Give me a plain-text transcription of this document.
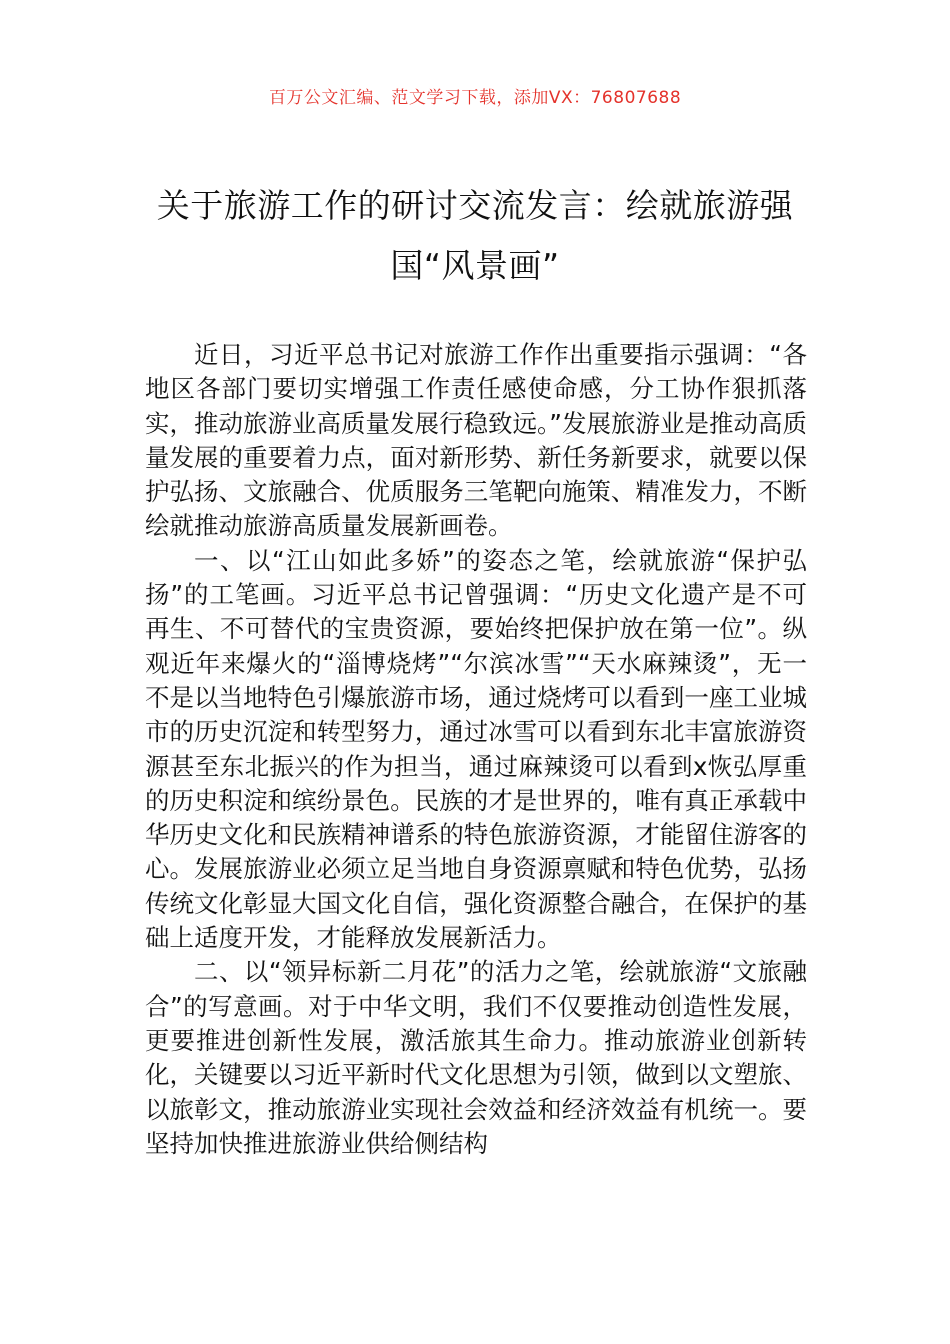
百万公文汇编、范文学习下载，添加VX：76807688
关于旅游工作的研讨交流发言：绘就旅游强国“风景画”

近日，习近平总书记对旅游工作作出重要指示强调：“各地区各部门要切实增强工作责任感使命感，分工协作狠抓落实，推动旅游业高质量发展行稳致远。”发展旅游业是推动高质量发展的重要着力点，面对新形势、新任务新要求，就要以保护弘扬、文旅融合、优质服务三笔靶向施策、精准发力，不断绘就推动旅游高质量发展新画卷。

一、以“江山如此多娇”的姿态之笔，绘就旅游“保护弘扬”的工笔画。习近平总书记曾强调：“历史文化遗产是不可再生、不可替代的宝贵资源，要始终把保护放在第一位”。纵观近年来爆火的“淄博烧烤”“尔滨冰雪”“天水麻辣烫”，无一不是以当地特色引爆旅游市场，通过烧烤可以看到一座工业城市的历史沉淀和转型努力，通过冰雪可以看到东北丰富旅游资源甚至东北振兴的作为担当，通过麻辣烫可以看到x恢弘厚重的历史积淀和缤纷景色。民族的才是世界的，唯有真正承载中华历史文化和民族精神谱系的特色旅游资源，才能留住游客的心。发展旅游业必须立足当地自身资源禀赋和特色优势，弘扬传统文化彰显大国文化自信，强化资源整合融合，在保护的基础上适度开发，才能释放发展新活力。

二、以“领异标新二月花”的活力之笔，绘就旅游“文旅融合”的写意画。对于中华文明，我们不仅要推动创造性发展，更要推进创新性发展，激活旅其生命力。推动旅游业创新转化，关键要以习近平新时代文化思想为引领，做到以文塑旅、以旅彰文，推动旅游业实现社会效益和经济效益有机统一。要坚持加快推进旅游业供给侧结构
